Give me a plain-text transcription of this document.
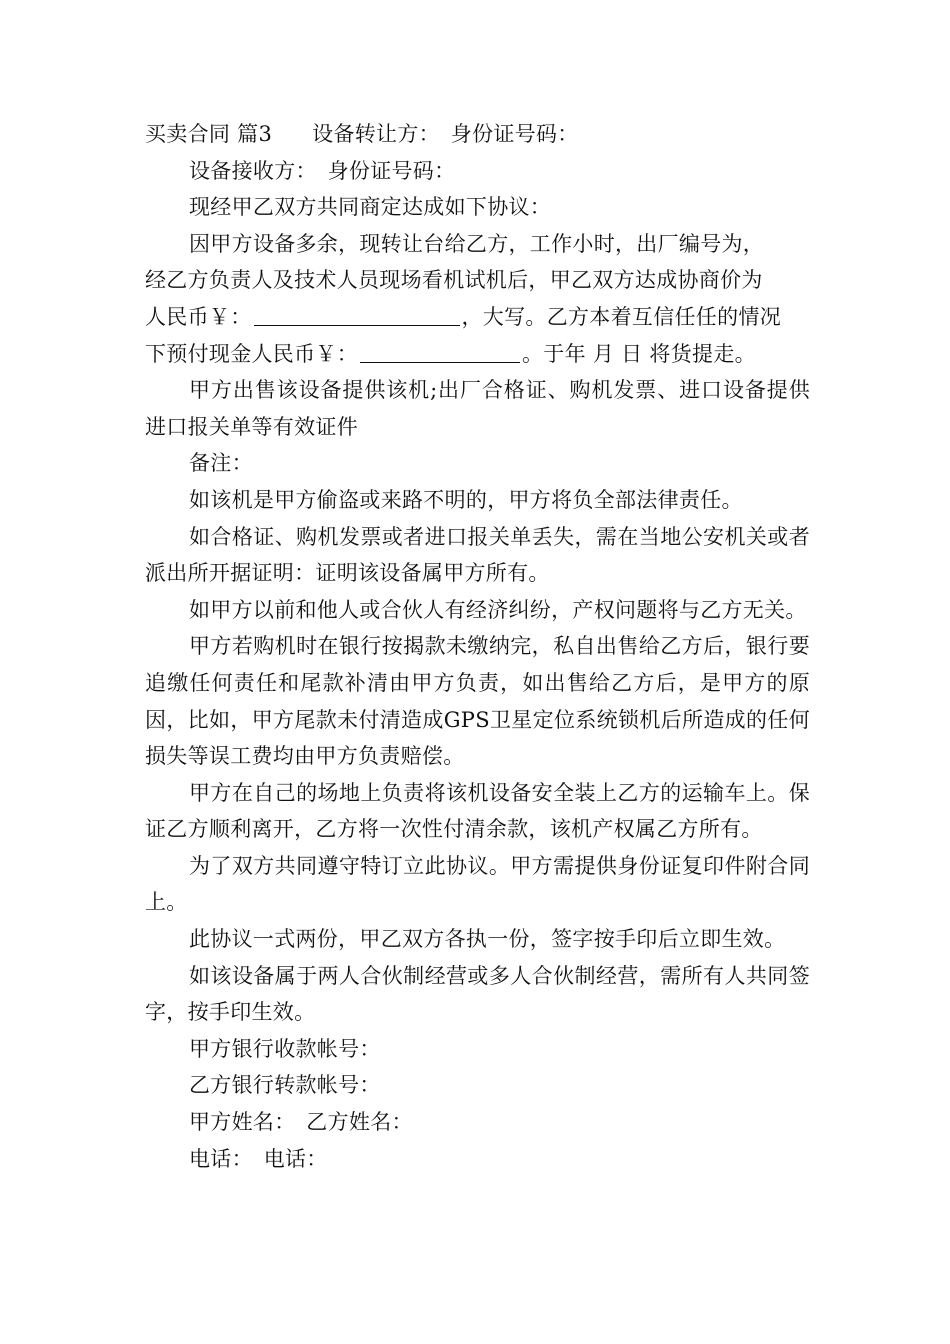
买卖合同 篇3 设备转让方：　 身份证号码：

设备接收方：　身份证号码：

现经甲乙双方共同商定达成如下协议：

因甲方设备多余，现转让台给乙方，工作小时，出厂编号为，
经乙方负责人及技术人员现场看机试机后，甲乙双方达成协商价为
人民币￥：	，大写。乙方本着互信任任的情况
下预付现金人民币￥：	。于年 月 日 将货提走。

甲方出售该设备提供该机;出厂合格证、购机发票、进口设备提供进口报关单等有效证件

备注：

如该机是甲方偷盗或来路不明的，甲方将负全部法律责任。

如合格证、购机发票或者进口报关单丢失，需在当地公安机关或者派出所开据证明：证明该设备属甲方所有。

如甲方以前和他人或合伙人有经济纠纷，产权问题将与乙方无关。

甲方若购机时在银行按揭款未缴纳完，私自出售给乙方后，银行要追缴任何责任和尾款补清由甲方负责，如出售给乙方后，是甲方的原因，比如，甲方尾款未付清造成GPS卫星定位系统锁机后所造成的任何损失等误工费均由甲方负责赔偿。

甲方在自己的场地上负责将该机设备安全装上乙方的运输车上。保证乙方顺利离开，乙方将一次性付清余款，该机产权属乙方所有。

为了双方共同遵守特订立此协议。甲方需提供身份证复印件附合同上。

此协议一式两份，甲乙双方各执一份，签字按手印后立即生效。

如该设备属于两人合伙制经营或多人合伙制经营，需所有人共同签字，按手印生效。

甲方银行收款帐号：

乙方银行转款帐号：

甲方姓名：　乙方姓名：

电话：　电话：
